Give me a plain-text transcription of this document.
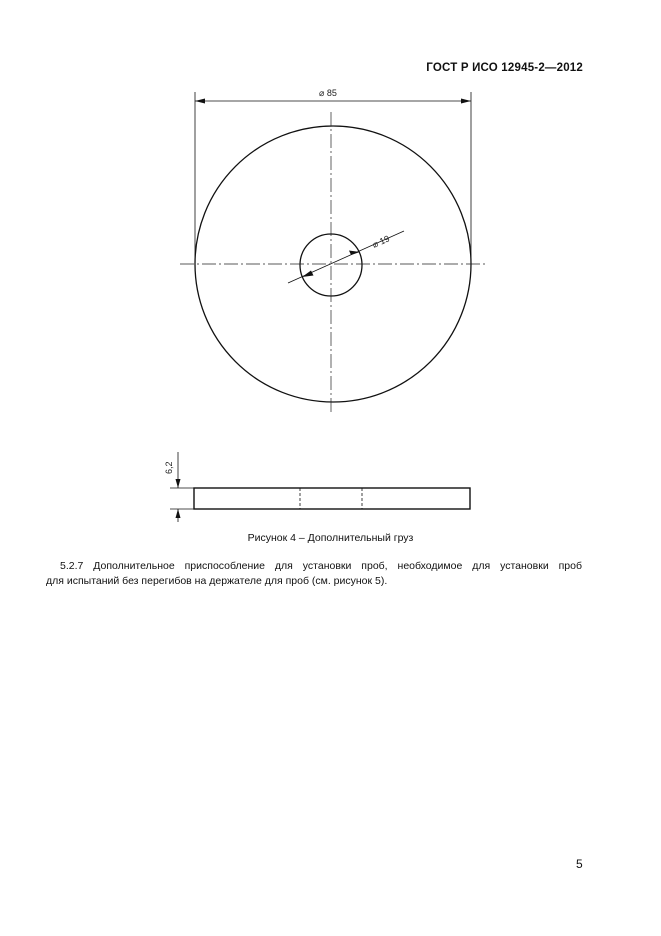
ГОСТ Р ИСО 12945-2—2012
⌀ 85
⌀ 19
6,2
Рисунок 4 – Дополнительный груз
5.2.7 Дополнительное приспособление для установки проб, необходимое для установки проб
для испытаний без перегибов на держателе для проб (см. рисунок 5).
5
